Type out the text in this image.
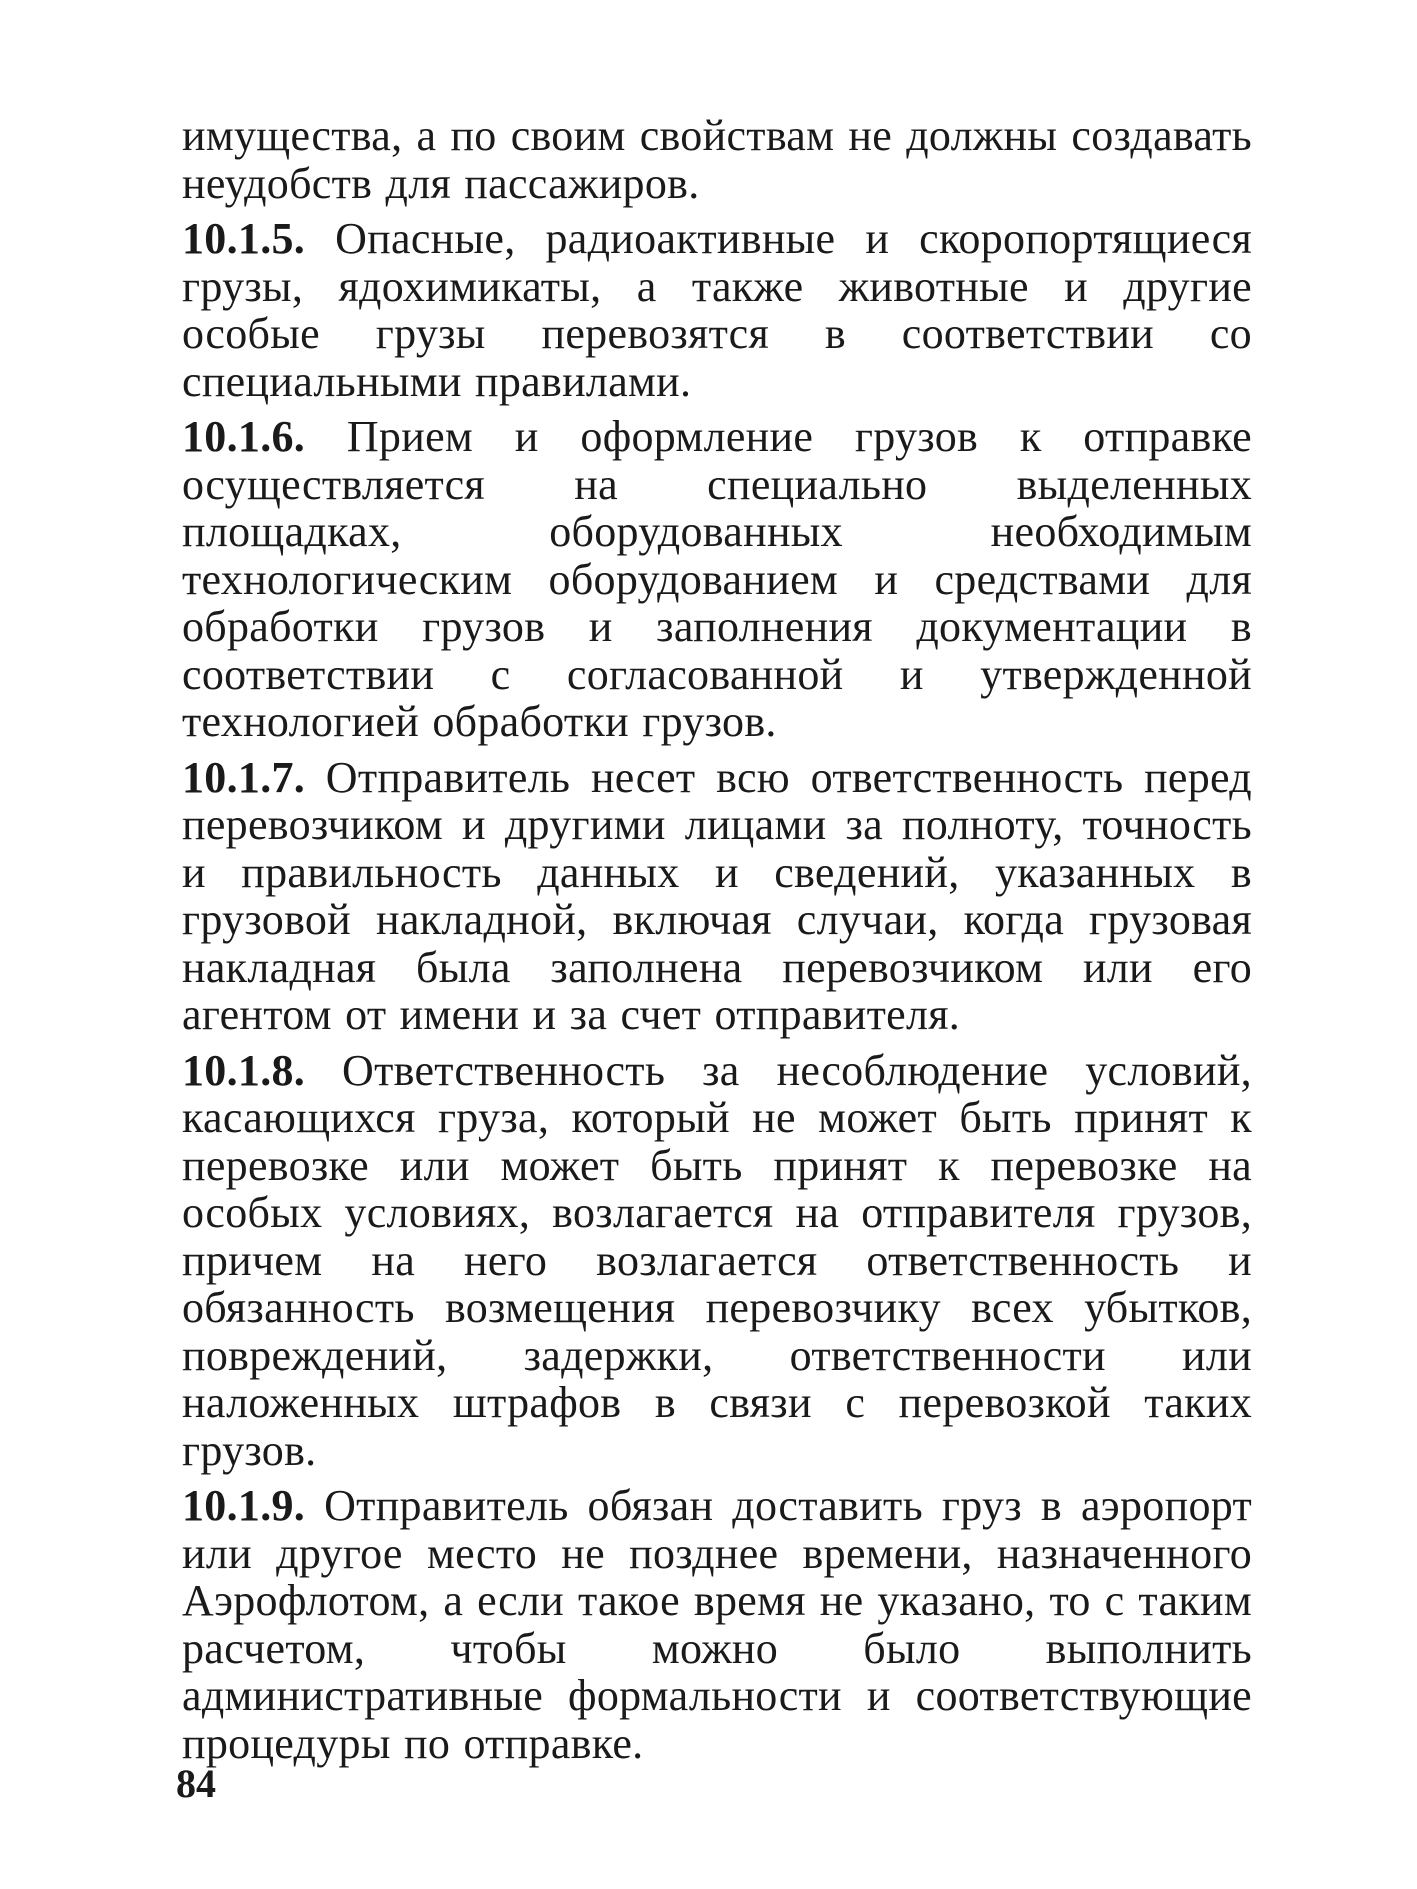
имущества, а по своим свойствам не должны создавать неудобств для пассажиров.

10.1.5. Опасные, радиоактивные и скоропортящиеся грузы, ядохимикаты, а также животные и другие особые грузы перевозятся в соответствии со специальными правилами.

10.1.6. Прием и оформление грузов к отправке осуществляется на специально выделенных площадках, оборудованных необходимым технологическим оборудованием и средствами для обработки грузов и заполнения документации в соответствии с согласованной и утвержденной технологией обработки грузов.

10.1.7. Отправитель несет всю ответственность перед перевозчиком и другими лицами за полноту, точность и правильность данных и сведений, указанных в грузовой накладной, включая случаи, когда грузовая накладная была заполнена перевозчиком или его агентом от имени и за счет отправителя.

10.1.8. Ответственность за несоблюдение условий, касающихся груза, который не может быть принят к перевозке или может быть принят к перевозке на особых условиях, возлагается на отправителя грузов, причем на него возлагается ответственность и обязанность возмещения перевозчику всех убытков, повреждений, задержки, ответственности или наложенных штрафов в связи с перевозкой таких грузов.

10.1.9. Отправитель обязан доставить груз в аэропорт или другое место не позднее времени, назначенного Аэрофлотом, а если такое время не указано, то с таким расчетом, чтобы можно было выполнить административные формальности и соответствующие процедуры по отправке.

84
